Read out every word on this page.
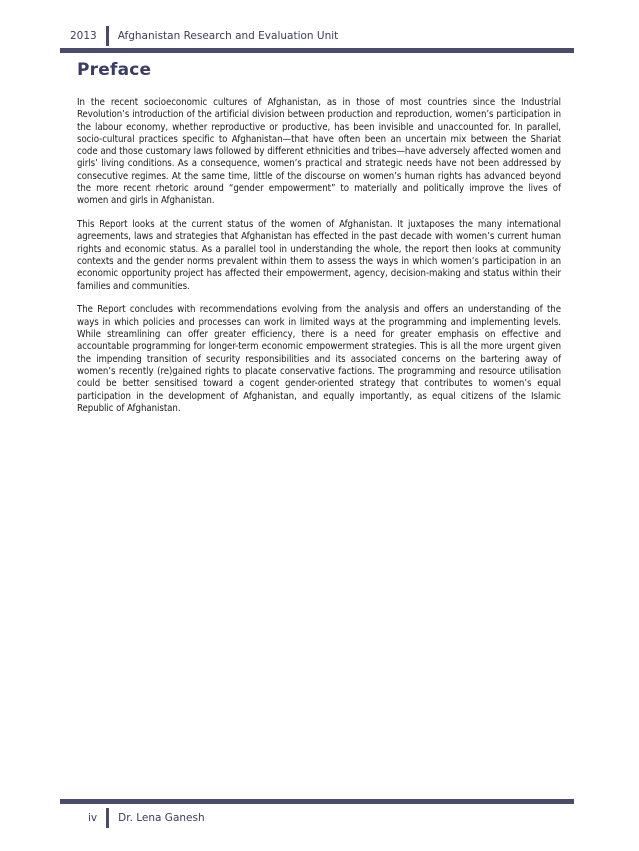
2013	Afghanistan Research and Evaluation Unit
Preface

In the recent socioeconomic cultures of Afghanistan, as in those of most countries since the Industrial Revolution’s introduction of the artificial division between production and reproduction, women’s participation in the labour economy, whether reproductive or productive, has been invisible and unaccounted for. In parallel, socio-cultural practices specific to Afghanistan—that have often been an uncertain mix between the Shariat code and those customary laws followed by different ethnicities and tribes—have adversely affected women and girls’ living conditions. As a consequence, women’s practical and strategic needs have not been addressed by consecutive regimes. At the same time, little of the discourse on women’s human rights has advanced beyond the more recent rhetoric around “gender empowerment” to materially and politically improve the lives of women and girls in Afghanistan.

This Report looks at the current status of the women of Afghanistan. It juxtaposes the many international agreements, laws and strategies that Afghanistan has effected in the past decade with women’s current human rights and economic status. As a parallel tool in understanding the whole, the report then looks at community contexts and the gender norms prevalent within them to assess the ways in which women’s participation in an economic opportunity project has affected their empowerment, agency, decision-making and status within their families and communities.

The Report concludes with recommendations evolving from the analysis and offers an understanding of the ways in which policies and processes can work in limited ways at the programming and implementing levels. While streamlining can offer greater efficiency, there is a need for greater emphasis on effective and accountable programming for longer-term economic empowerment strategies. This is all the more urgent given the impending transition of security responsibilities and its associated concerns on the bartering away of women’s recently (re)gained rights to placate conservative factions. The programming and resource utilisation could be better sensitised toward a cogent gender-oriented strategy that contributes to women’s equal participation in the development of Afghanistan, and equally importantly, as equal citizens of the Islamic Republic of Afghanistan.

iv	Dr. Lena Ganesh
